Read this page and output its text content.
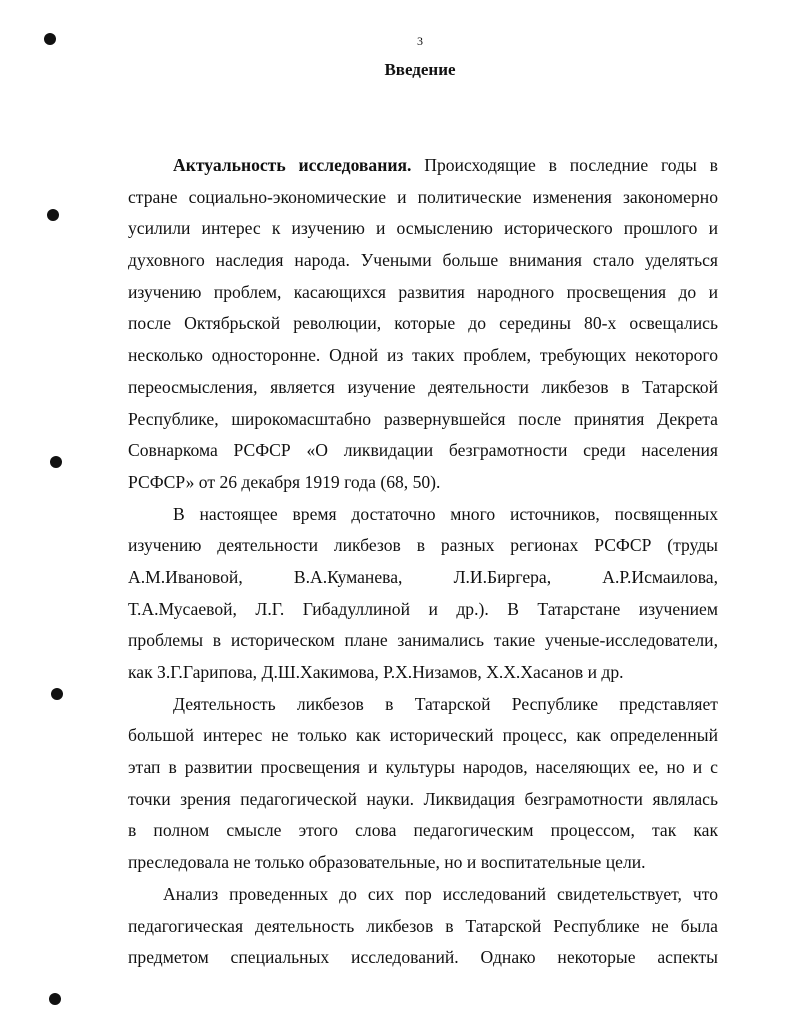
3
Введение
Актуальность исследования. Происходящие в последние годы в
стране социально-экономические и политические изменения закономерно
усилили интерес к изучению и осмыслению исторического прошлого и
духовного наследия народа. Учеными больше внимания стало уделяться
изучению проблем, касающихся развития народного просвещения до и
после Октябрьской революции, которые до середины 80-х освещались
несколько односторонне. Одной из таких проблем, требующих некоторого
переосмысления, является изучение деятельности ликбезов в Татарской
Республике, широкомасштабно развернувшейся после принятия Декрета
Совнаркома РСФСР «О ликвидации безграмотности среди населения
РСФСР» от 26 декабря 1919 года (68, 50).
В настоящее время достаточно много источников, посвященных
изучению деятельности ликбезов в разных регионах РСФСР (труды
А.М.Ивановой, В.А.Куманева, Л.И.Биргера, А.Р.Исмаилова,
Т.А.Мусаевой, Л.Г. Гибадуллиной и др.). В Татарстане изучением
проблемы в историческом плане занимались такие ученые-исследователи,
как З.Г.Гарипова, Д.Ш.Хакимова, Р.Х.Низамов, Х.Х.Хасанов и др.
Деятельность ликбезов в Татарской Республике представляет
большой интерес не только как исторический процесс, как определенный
этап в развитии просвещения и культуры народов, населяющих ее, но и с
точки зрения педагогической науки. Ликвидация безграмотности являлась
в полном смысле этого слова педагогическим процессом, так как
преследовала не только образовательные, но и воспитательные цели.
Анализ проведенных до сих пор исследований свидетельствует, что
педагогическая деятельность ликбезов в Татарской Республике не была
предметом специальных исследований. Однако некоторые аспекты
